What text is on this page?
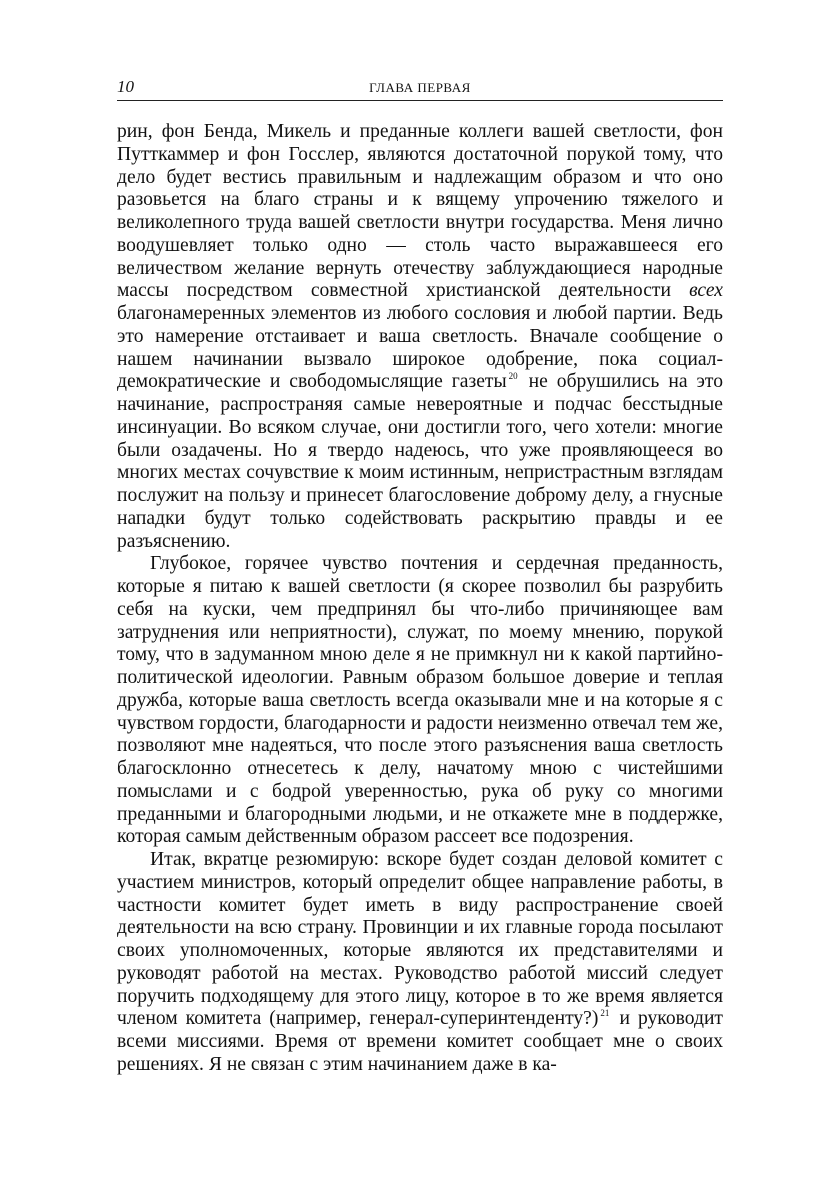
10	ГЛАВА ПЕРВАЯ

рин, фон Бенда, Микель и преданные коллеги вашей светлости, фон Путткаммер и фон Госслер, являются достаточной порукой тому, что дело будет вестись правильным и надлежащим образом и что оно разовьется на благо страны и к вящему упрочению тяжелого и великолепного труда вашей светлости внутри государства. Меня лично воодушевляет только одно — столь часто выражавшееся его величеством желание вернуть отечеству заблуждающиеся народные массы посредством совместной христианской деятельности всех благонамеренных элементов из любого сословия и любой партии. Ведь это намерение отстаивает и ваша светлость. Вначале сообщение о нашем начинании вызвало широкое одобрение, пока социал-демократические и свободомыслящие газеты $^{20}$ не обрушились на это начинание, распространяя самые невероятные и подчас бесстыдные инсинуации. Во всяком случае, они достигли того, чего хотели: многие были озадачены. Но я твердо надеюсь, что уже проявляющееся во многих местах сочувствие к моим истинным, непристрастным взглядам послужит на пользу и принесет благословение доброму делу, а гнусные нападки будут только содействовать раскрытию правды и ее разъяснению.

Глубокое, горячее чувство почтения и сердечная преданность, которые я питаю к вашей светлости (я скорее позволил бы разрубить себя на куски, чем предпринял бы что-либо причиняющее вам затруднения или неприятности), служат, по моему мнению, порукой тому, что в задуманном мною деле я не примкнул ни к какой партийно-политической идеологии. Равным образом большое доверие и теплая дружба, которые ваша светлость всегда оказывали мне и на которые я с чувством гордости, благодарности и радости неизменно отвечал тем же, позволяют мне надеяться, что после этого разъяснения ваша светлость благосклонно отнесетесь к делу, начатому мною с чистейшими помыслами и с бодрой уверенностью, рука об руку со многими преданными и благородными людьми, и не откажете мне в поддержке, которая самым действенным образом рассеет все подозрения.

Итак, вкратце резюмирую: вскоре будет создан деловой комитет с участием министров, который определит общее направление работы, в частности комитет будет иметь в виду распространение своей деятельности на всю страну. Провинции и их главные города посылают своих уполномоченных, которые являются их представителями и руководят работой на местах. Руководство работой миссий следует поручить подходящему для этого лицу, которое в то же время является членом комитета (например, генерал-суперинтенденту?) $^{21}$ и руководит всеми миссиями. Время от времени комитет сообщает мне о своих решениях. Я не связан с этим начинанием даже в ка-
